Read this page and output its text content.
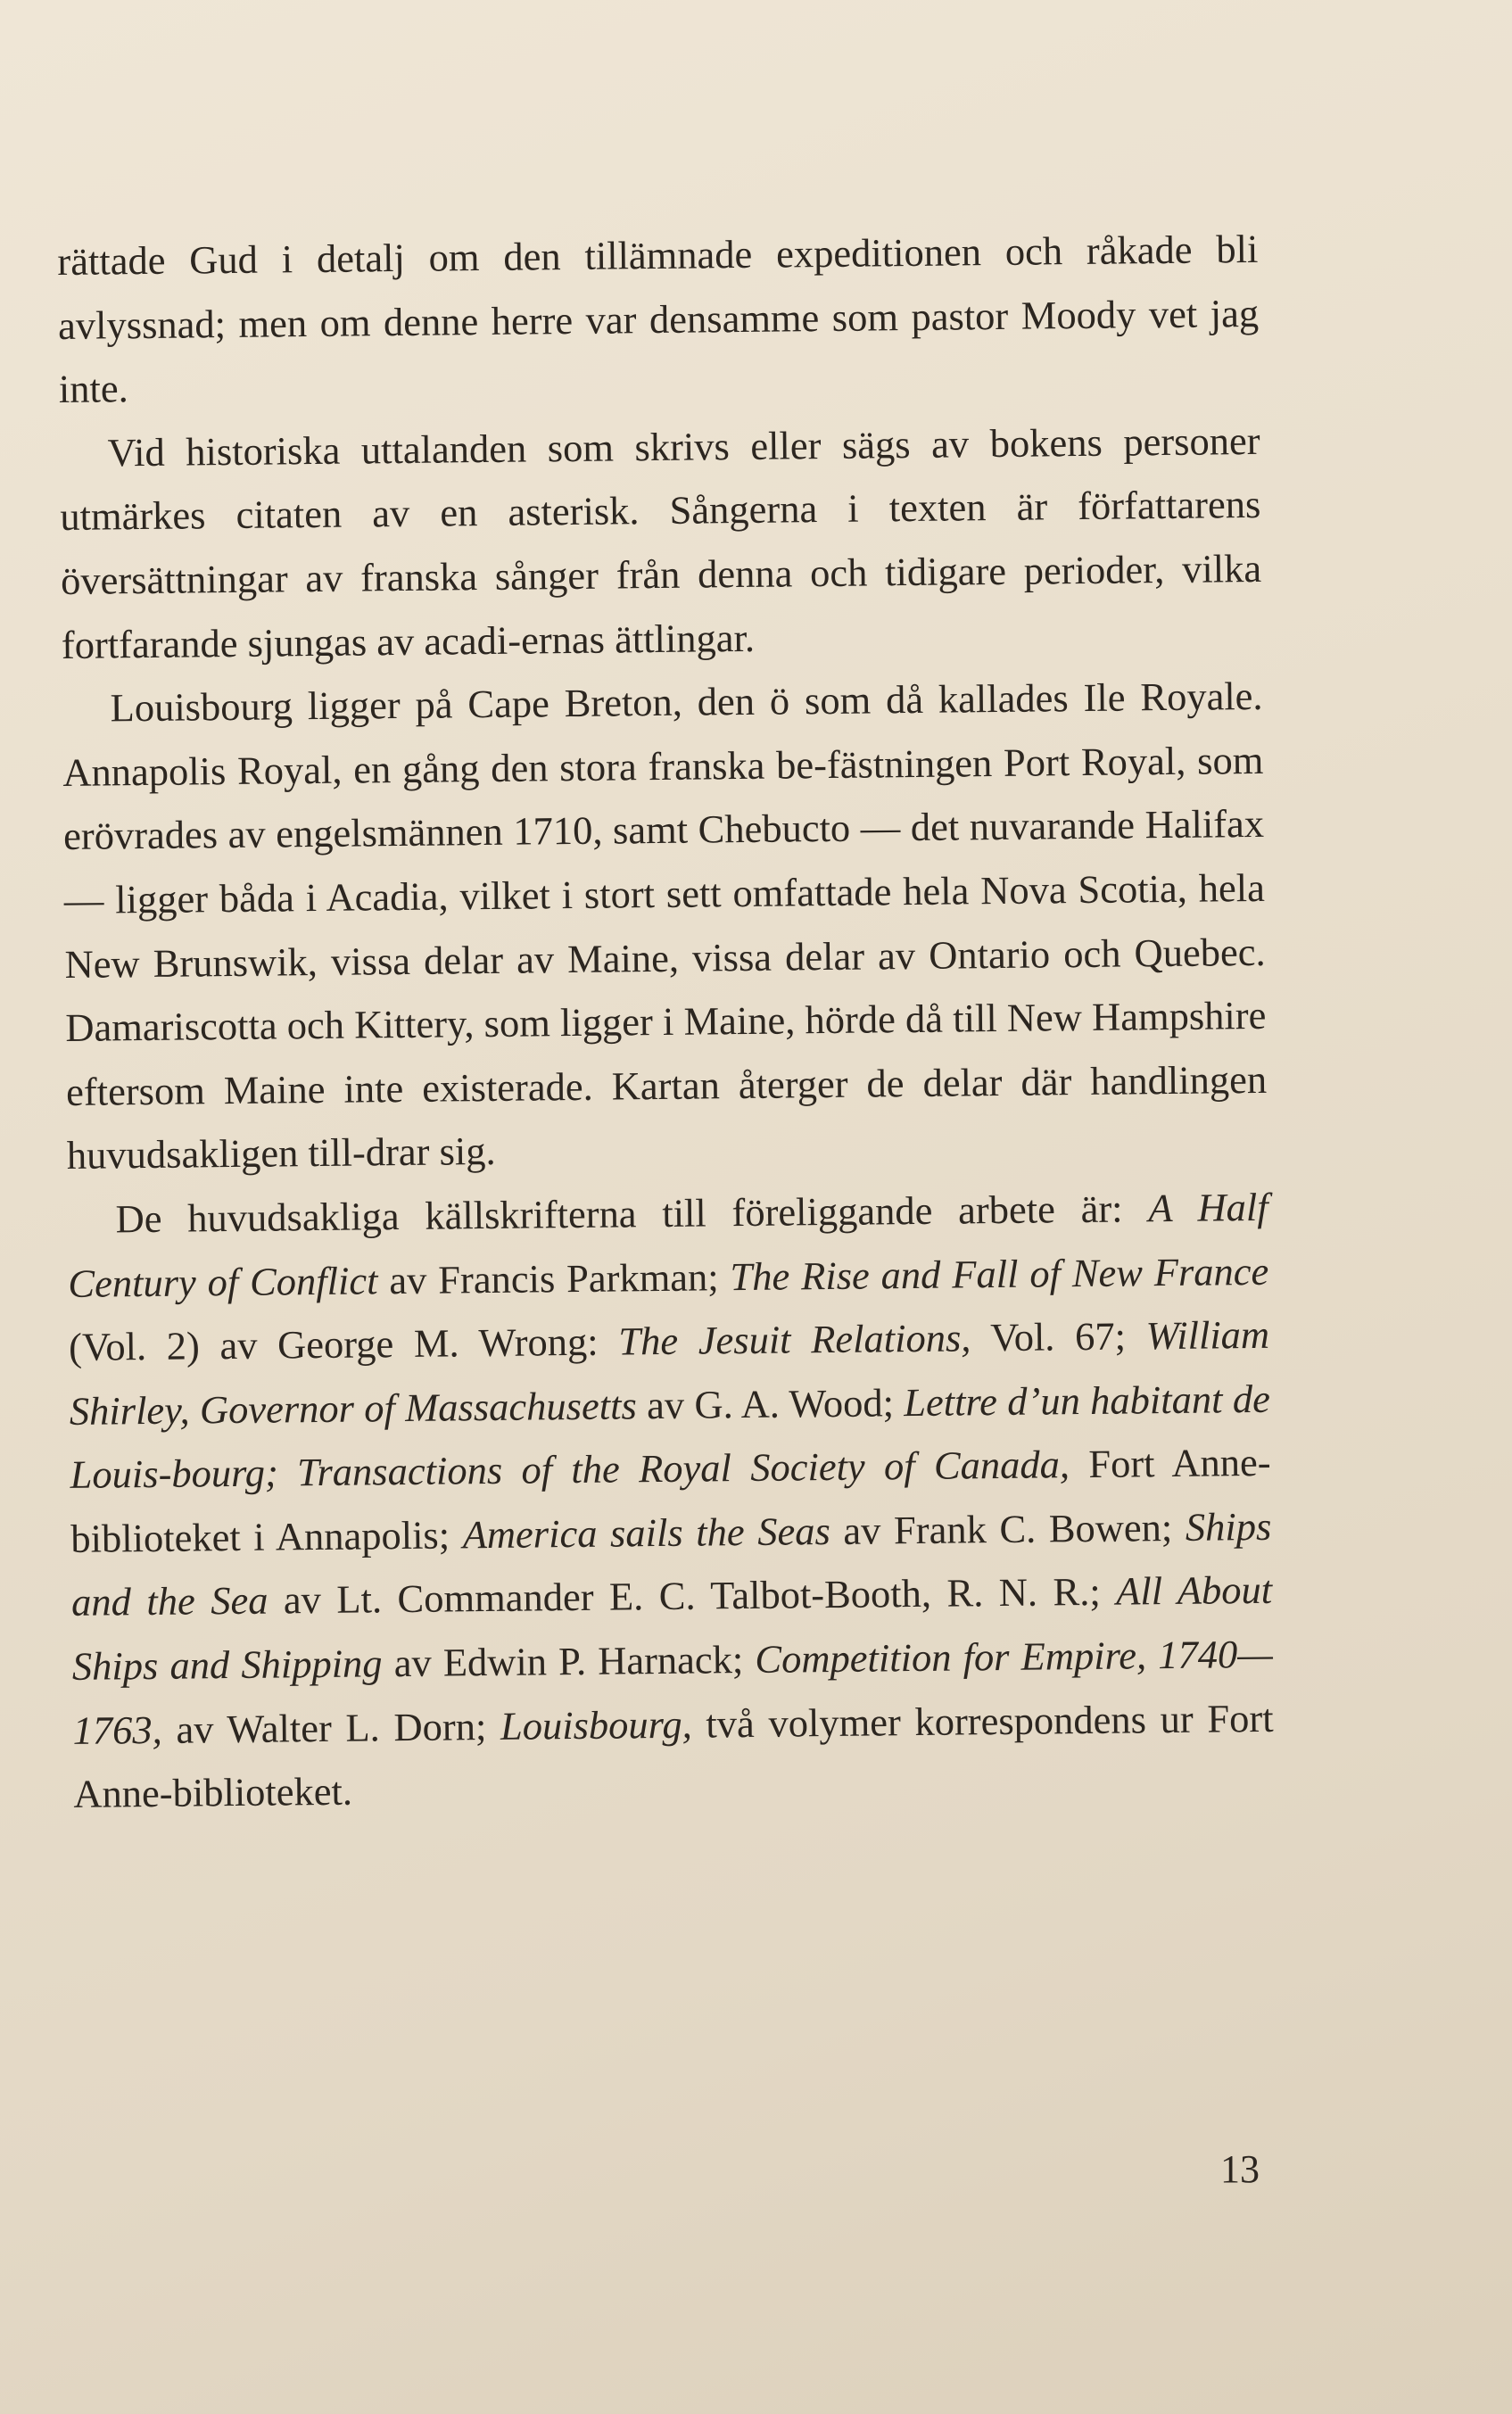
rättade Gud i detalj om den tillämnade expeditionen och råkade bli avlyssnad; men om denne herre var densamme som pastor Moody vet jag inte.

Vid historiska uttalanden som skrivs eller sägs av bokens personer utmärkes citaten av en asterisk. Sångerna i texten är författarens översättningar av franska sånger från denna och tidigare perioder, vilka fortfarande sjungas av acadi-ernas ättlingar.

Louisbourg ligger på Cape Breton, den ö som då kallades Ile Royale. Annapolis Royal, en gång den stora franska be-fästningen Port Royal, som erövrades av engelsmännen 1710, samt Chebucto — det nuvarande Halifax — ligger båda i Acadia, vilket i stort sett omfattade hela Nova Scotia, hela New Brunswik, vissa delar av Maine, vissa delar av Ontario och Quebec. Damariscotta och Kittery, som ligger i Maine, hörde då till New Hampshire eftersom Maine inte existerade. Kartan återger de delar där handlingen huvudsakligen till-drar sig.

De huvudsakliga källskrifterna till föreliggande arbete är: A Half Century of Conflict av Francis Parkman; The Rise and Fall of New France (Vol. 2) av George M. Wrong: The Jesuit Relations, Vol. 67; William Shirley, Governor of Massachusetts av G. A. Wood; Lettre d’un habitant de Louis-bourg; Transactions of the Royal Society of Canada, Fort Anne-biblioteket i Annapolis; America sails the Seas av Frank C. Bowen; Ships and the Sea av Lt. Commander E. C. Talbot-Booth, R. N. R.; All About Ships and Shipping av Edwin P. Harnack; Competition for Empire, 1740—1763, av Walter L. Dorn; Louisbourg, två volymer korrespondens ur Fort Anne-biblioteket.

13
